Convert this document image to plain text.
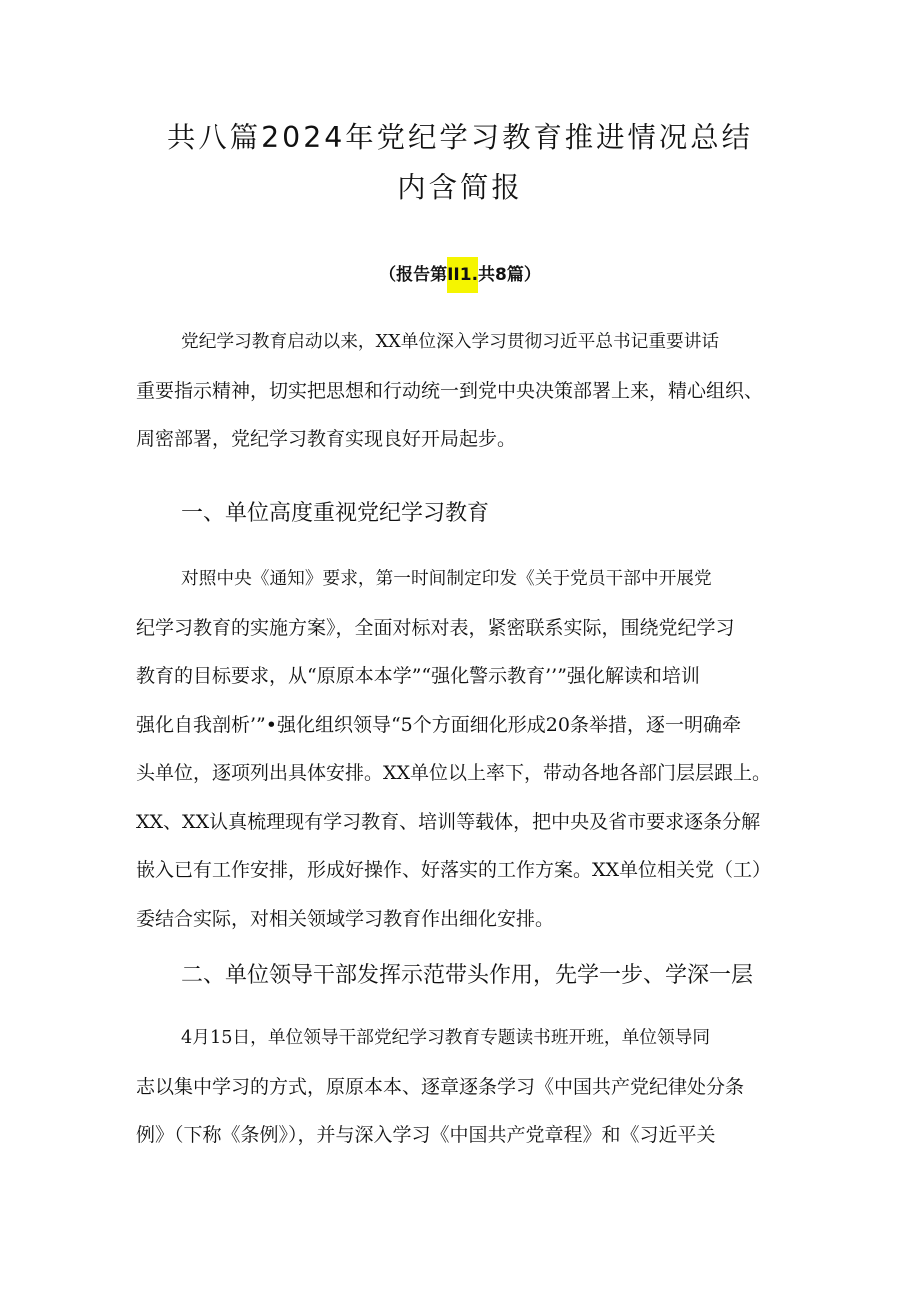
共八篇2024年党纪学习教育推进情况总结
内含简报
（报告第II1.共8篇）
党纪学习教育启动以来，XX单位深入学习贯彻习近平总书记重要讲话
重要指示精神，切实把思想和行动统一到党中央决策部署上来，精心组织、
周密部署，党纪学习教育实现良好开局起步。
一、单位高度重视党纪学习教育
对照中央《通知》要求，第一时间制定印发《关于党员干部中开展党
纪学习教育的实施方案》，全面对标对表，紧密联系实际，围绕党纪学习
教育的目标要求，从“原原本本学”“强化警示教育’’”强化解读和培训
强化自我剖析’”•强化组织领导“5个方面细化形成20条举措，逐一明确牵
头单位，逐项列出具体安排。XX单位以上率下，带动各地各部门层层跟上。
XX、XX认真梳理现有学习教育、培训等载体，把中央及省市要求逐条分解
嵌入已有工作安排，形成好操作、好落实的工作方案。XX单位相关党（工）
委结合实际，对相关领域学习教育作出细化安排。
二、单位领导干部发挥示范带头作用，先学一步、学深一层
4月15日，单位领导干部党纪学习教育专题读书班开班，单位领导同
志以集中学习的方式，原原本本、逐章逐条学习《中国共产党纪律处分条
例》（下称《条例》），并与深入学习《中国共产党章程》和《习近平关
